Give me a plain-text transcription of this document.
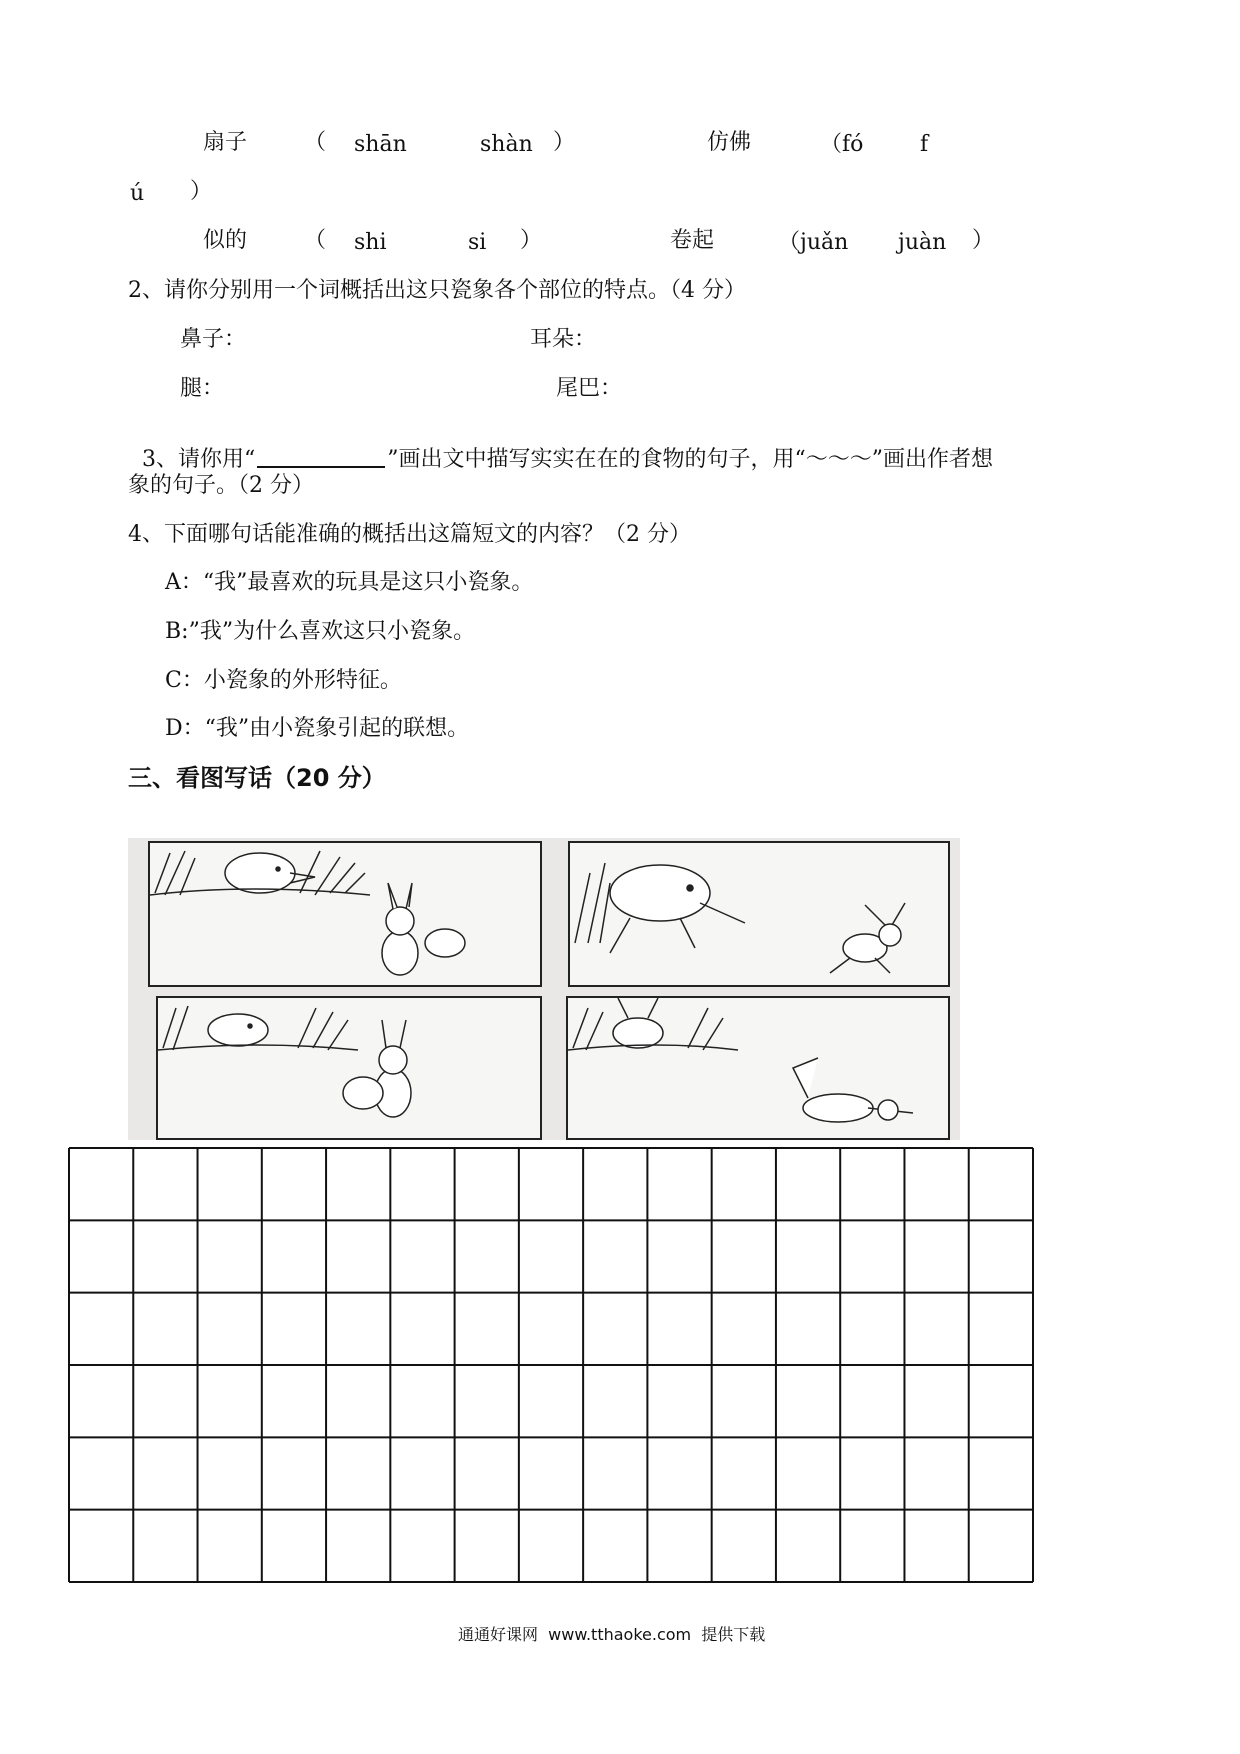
扇子	（ shān	shàn ）	仿佛	（fó	f
ú ）
似的	（ shi	si ）	卷起	（juǎn juàn ）
2、请你分别用一个词概括出这只瓷象各个部位的特点。（4 分）
鼻子：	耳朵：
腿：	尾巴：

3、请你用“	”画出文中描写实实在在的食物的句子，用“～～～”画出作者想

象的句子。（2 分）
4、下面哪句话能准确的概括出这篇短文的内容？（2 分）
A：“我”最喜欢的玩具是这只小瓷象。
B:”我”为什么喜欢这只小瓷象。
C：小瓷象的外形特征。
D：“我”由小瓷象引起的联想。
三、看图写话（20 分）
通通好课网  www.tthaoke.com  提供下载
